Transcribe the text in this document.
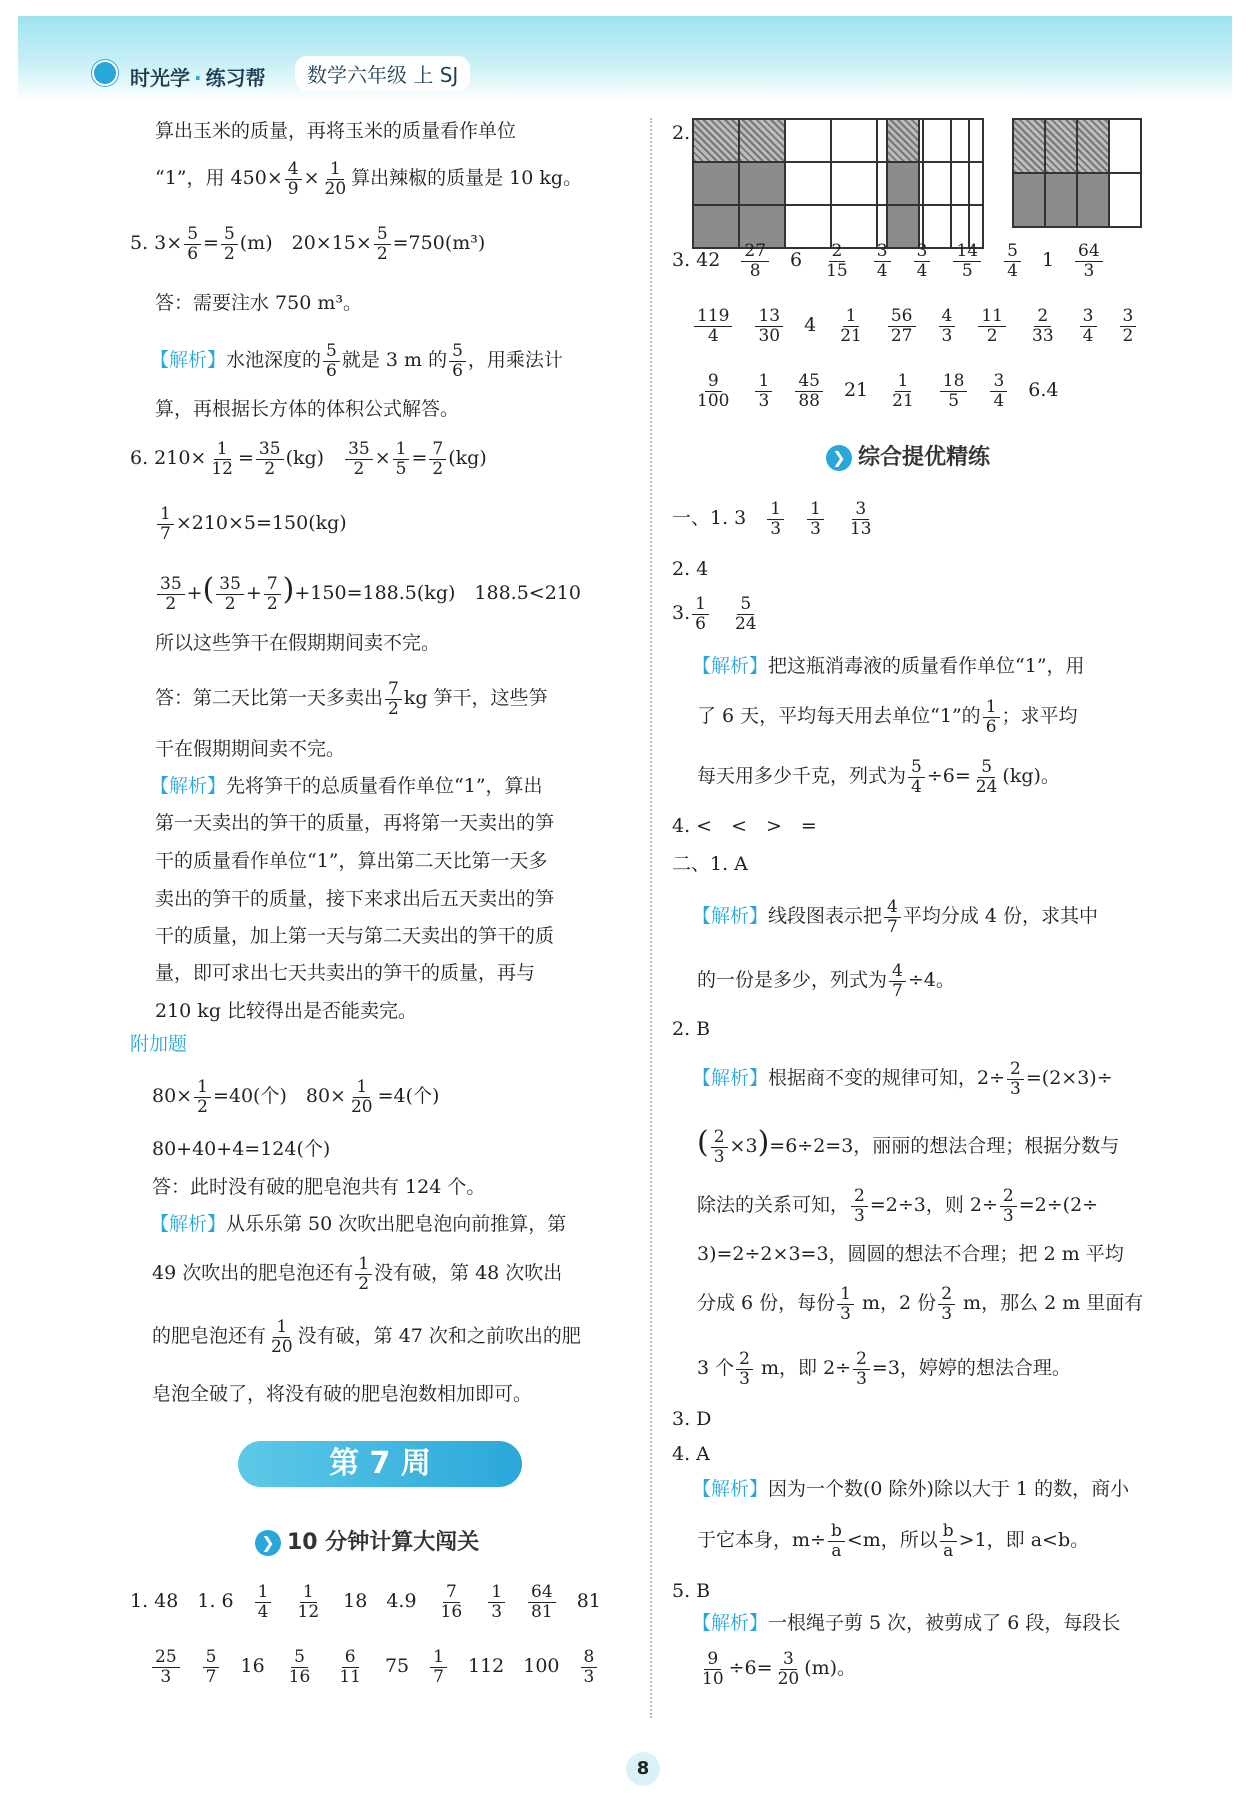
时光学 · 练习帮	数学六年级 上 SJ
算出玉米的质量，再将玉米的质量看作单位
“1”，用 $450\times \frac{4}{9} \times \frac{1}{20}$ 算出辣椒的质量是 10 kg。
5. $3\times \frac{5}{6} = \frac{5}{2} (m)$　$20\times 15\times \frac{5}{2} =750(m^3)$
答：需要注水 750 m³。
【解析】水池深度的 $\frac{5}{6}$ 就是 3 m 的 $\frac{5}{6}$ ，用乘法计
算，再根据长方体的体积公式解答。
6. $210\times \frac{1}{12} = \frac{35}{2} (kg)$　 $\frac{35}{2} \times \frac{1}{5} = \frac{7}{2} (kg)$
$\frac{1}{7} \times 210\times 5=150(kg)$
$\frac{35}{2}$ +( $\frac{35}{2} + \frac{7}{2} )+150=188.5(kg)$　188.5<210
所以这些笋干在假期期间卖不完。
答：第二天比第一天多卖出 $\frac{7}{2}$ kg 笋干，这些笋
干在假期期间卖不完。
【解析】先将笋干的总质量看作单位“1”，算出
第一天卖出的笋干的质量，再将第一天卖出的笋
干的质量看作单位“1”，算出第二天比第一天多
卖出的笋干的质量，接下来求出后五天卖出的笋
干的质量，加上第一天与第二天卖出的笋干的质
量，即可求出七天共卖出的笋干的质量，再与
210 kg 比较得出是否能卖完。
附加题
$80\times \frac{1}{2} =40$(个)　$80\times \frac{1}{20} =4$(个)
80+40+4=124(个)
答：此时没有破的肥皂泡共有 124 个。
【解析】从乐乐第 50 次吹出肥皂泡向前推算，第
49 次吹出的肥皂泡还有 $\frac{1}{2}$ 没有破，第 48 次吹出
的肥皂泡还有 $\frac{1}{20}$ 没有破，第 47 次和之前吹出的肥
皂泡全破了，将没有破的肥皂泡数相加即可。
第 7 周
❯ 10 分钟计算大闯关
1. 48　 1. 6　 $\frac{1}{4}$
　 $\frac{1}{12}$ 　18　4.9　 $\frac{7}{16}$
　 $\frac{1}{3}$
　 $\frac{64}{81}$ 　81
$\frac{25}{3}$
　 $\frac{5}{7}$ 　16　 $\frac{5}{16}$
　 $\frac{6}{11}$ 　75　 $\frac{1}{7}$ 　112　100　 $\frac{8}{3}$
2.

3. 42　 $\frac{27}{8}$ 　6　 $\frac{2}{15}$
　 $\frac{3}{4}$
　 $\frac{3}{4}$
　 $\frac{14}{5}$
　 $\frac{5}{4}$ 　1　 $\frac{64}{3}$
$\frac{119}{4}$
　 $\frac{13}{30}$ 　4　 $\frac{1}{21}$
　 $\frac{56}{27}$
　 $\frac{4}{3}$
　 $\frac{11}{2}$
　 $\frac{2}{33}$
　 $\frac{3}{4}$
　 $\frac{3}{2}$
$\frac{9}{100}$
　 $\frac{1}{3}$
　 $\frac{45}{88}$ 　21　 $\frac{1}{21}$
　 $\frac{18}{5}$
　 $\frac{3}{4}$ 　6.4
❯ 综合提优精练
一、1. 3　 $\frac{1}{3}$
　 $\frac{1}{3}$
　 $\frac{3}{13}$
2. 4
3. $\frac{1}{6}$
　 $\frac{5}{24}$
【解析】把这瓶消毒液的质量看作单位“1”，用
了 6 天，平均每天用去单位“1”的 $\frac{1}{6}$ ；求平均
每天用多少千克，列式为 $\frac{5}{4} \div 6= \frac{5}{24} (kg)$。
4. <　<　>　=
二、1. A
【解析】线段图表示把 $\frac{4}{7}$ 平均分成 4 份，求其中
的一份是多少，列式为 $\frac{4}{7} \div 4$。
2. B
【解析】根据商不变的规律可知，$2\div \frac{2}{3} =(2\times 3)\div$
( $\frac{2}{3} \times 3)=6\div 2=3$，丽丽的想法合理；根据分数与
除法的关系可知， $\frac{2}{3} =2\div 3$，则 $2\div \frac{2}{3} =2\div(2\div$
3)=2÷2×3=3，圆圆的想法不合理；把 2 m 平均
分成 6 份，每份 $\frac{1}{3}$ m，2 份 $\frac{2}{3}$ m，那么 2 m 里面有
3 个 $\frac{2}{3}$ m，即 $2\div \frac{2}{3} =3$，婷婷的想法合理。
3. D
4. A
【解析】因为一个数(0 除外)除以大于 1 的数，商小
于它本身，$m\div \frac{b}{a} <m$，所以 $\frac{b}{a} >1$，即 a<b。
5. B
【解析】一根绳子剪 5 次，被剪成了 6 段，每段长
$\frac{9}{10} \div 6= \frac{3}{20} (m)$。
8
